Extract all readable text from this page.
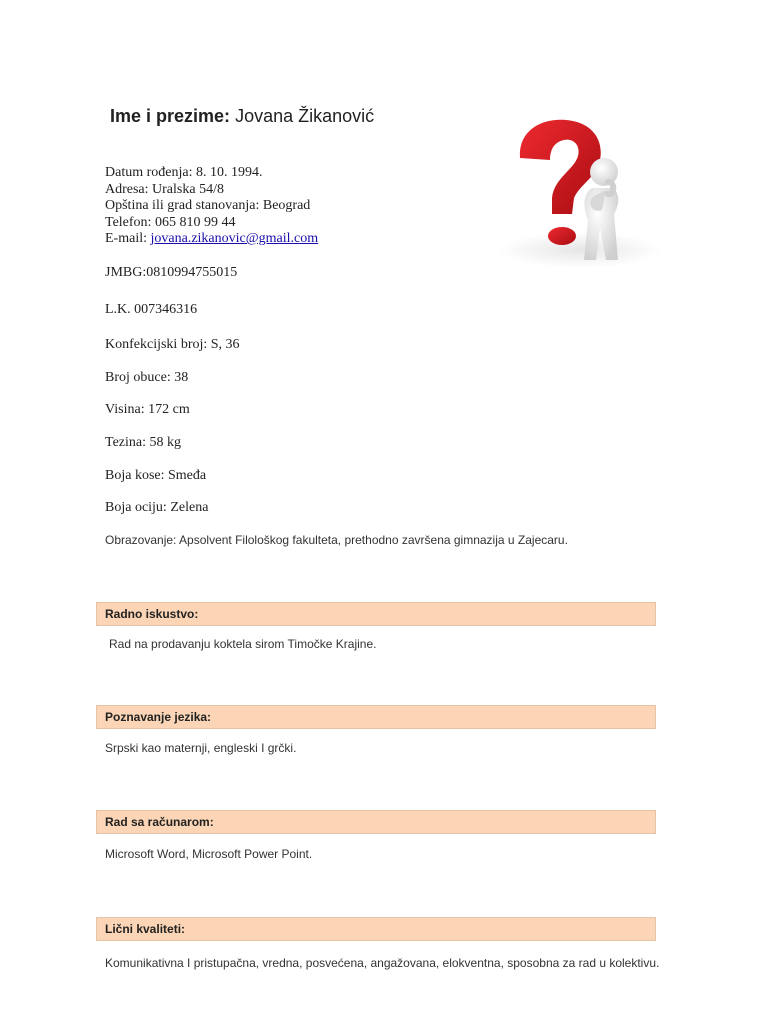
Ime i prezime: Jovana Žikanović
Datum rođenja: 8. 10. 1994.
Adresa: Uralska 54/8
Opština ili grad stanovanja: Beograd
Telefon: 065 810 99 44
E-mail: jovana.zikanovic@gmail.com
JMBG:0810994755015
L.K. 007346316
Konfekcijski broj: S, 36
Broj obuce: 38
Visina: 172 cm
Tezina: 58 kg
Boja kose: Smeđa
Boja ociju: Zelena
Obrazovanje: Apsolvent Filološkog fakulteta, prethodno završena gimnazija u Zajecaru.
Radno iskustvo:
Rad na prodavanju koktela sirom Timočke Krajine.
Poznavanje jezika:
Srpski kao maternji, engleski I grčki.
Rad sa računarom:
Microsoft Word, Microsoft Power Point.
Lični kvaliteti:
Komunikativna I pristupačna, vredna, posvećena, angažovana, elokventna, sposobna za rad u kolektivu.
